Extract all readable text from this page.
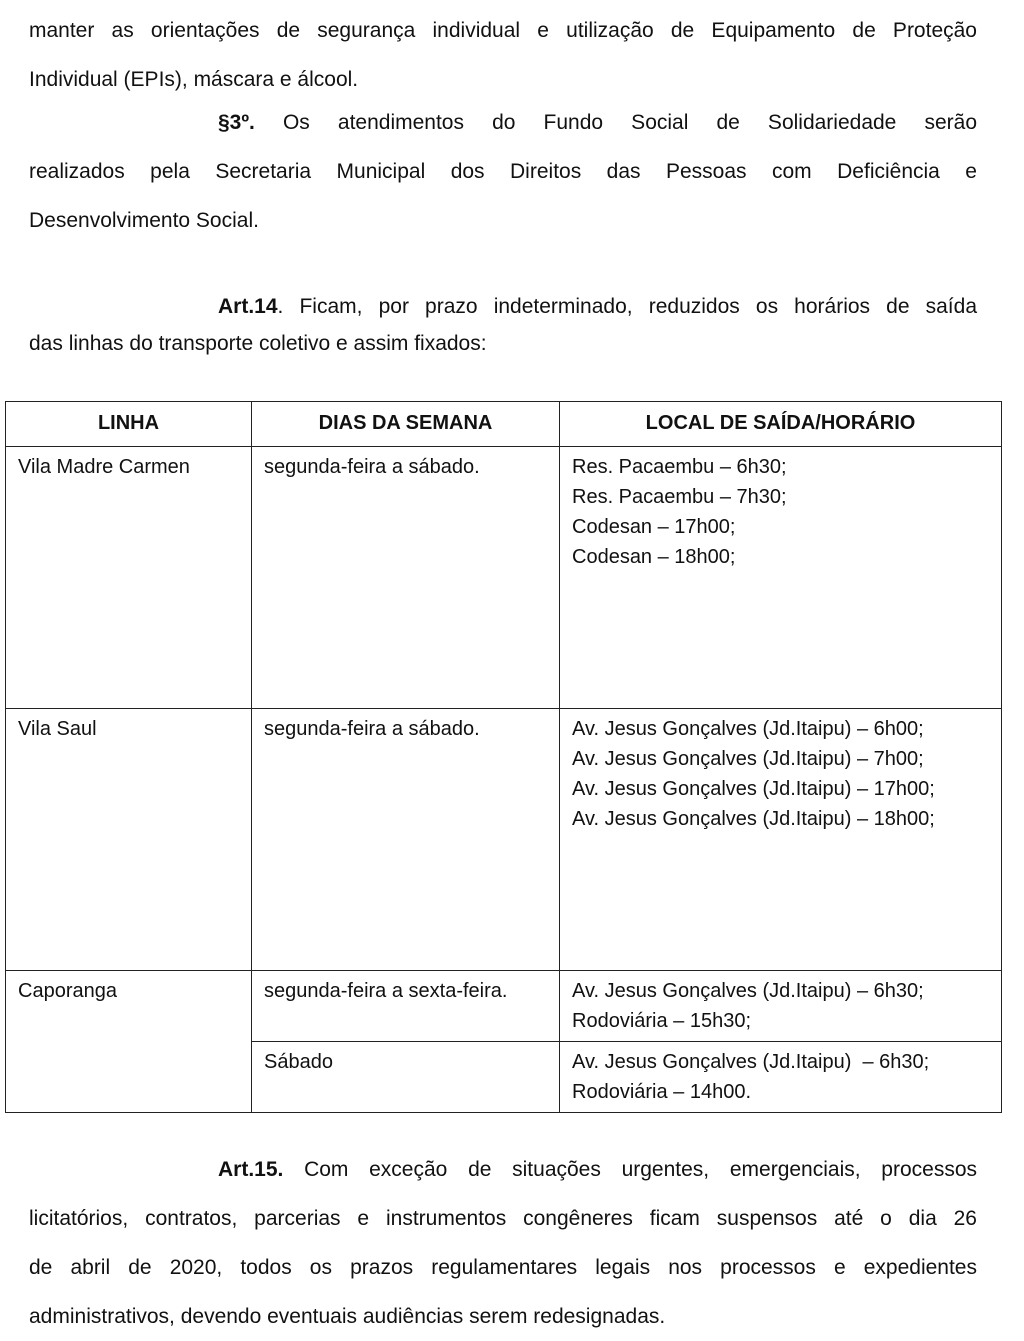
manter as orientações de segurança individual e utilização de Equipamento de Proteção
Individual (EPIs), máscara e álcool.
§3º. Os atendimentos do Fundo Social de Solidariedade serão
realizados pela Secretaria Municipal dos Direitos das Pessoas com Deficiência e
Desenvolvimento Social.
Art.14. Ficam, por prazo indeterminado, reduzidos os horários de saída
das linhas do transporte coletivo e assim fixados:
LINHA	DIAS DA SEMANA	LOCAL DE SAÍDA/HORÁRIO
Vila Madre Carmen	segunda-feira a sábado.	Res. Pacaembu – 6h30;
Res. Pacaembu – 7h30;
Codesan – 17h00;
Codesan – 18h00;

Vila Saul	segunda-feira a sábado.	Av. Jesus Gonçalves (Jd.Itaipu) – 6h00;
Av. Jesus Gonçalves (Jd.Itaipu) – 7h00;
Av. Jesus Gonçalves (Jd.Itaipu) – 17h00;
Av. Jesus Gonçalves (Jd.Itaipu) – 18h00;

Caporanga	segunda-feira a sexta-feira.	Av. Jesus Gonçalves (Jd.Itaipu) – 6h30;
Rodoviária – 15h30;

	Sábado	Av. Jesus Gonçalves (Jd.Itaipu)  – 6h30;
Rodoviária – 14h00.
Art.15. Com exceção de situações urgentes, emergenciais, processos
licitatórios, contratos, parcerias e instrumentos congêneres ficam suspensos até o dia 26
de abril de 2020, todos os prazos regulamentares legais nos processos e expedientes
administrativos, devendo eventuais audiências serem redesignadas.
